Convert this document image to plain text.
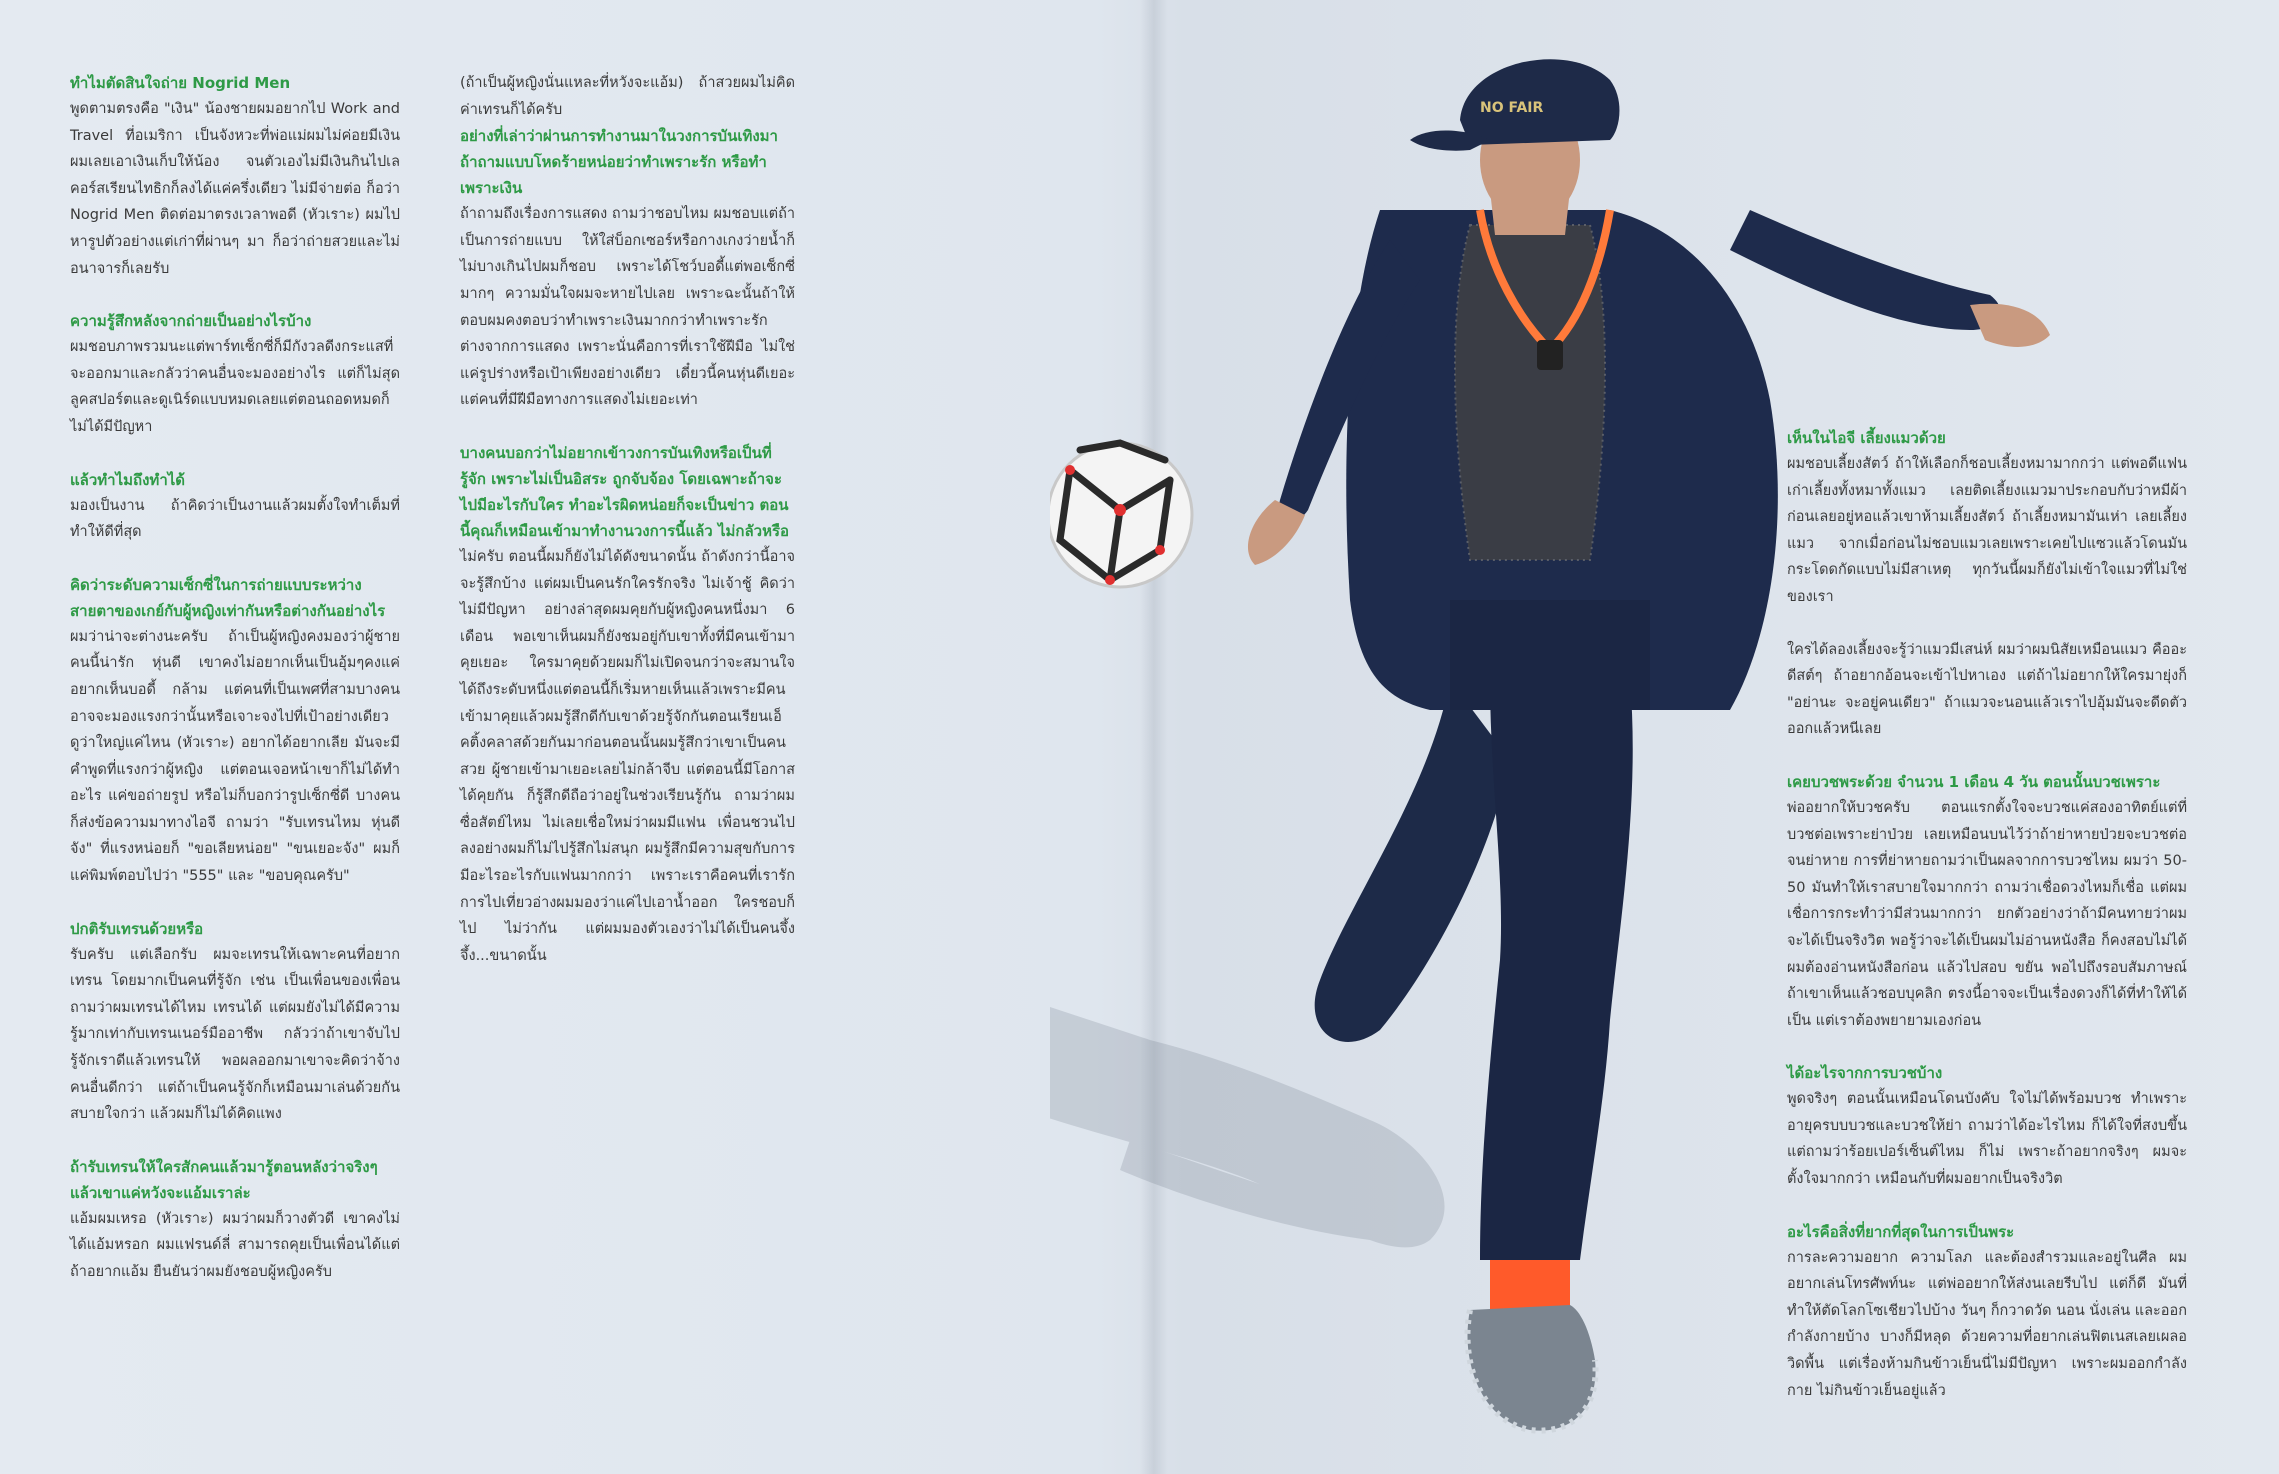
NO FAIR

ทำไมตัดสินใจถ่าย Nogrid Men

พูดตามตรงคือ "เงิน" น้องชายผมอยากไป Work and Travel ที่อเมริกา เป็นจังหวะที่พ่อแม่ผมไม่ค่อยมีเงิน ผมเลยเอาเงินเก็บให้น้อง จนตัวเองไม่มีเงินกินไปเลคอร์สเรียนไทธิกก็ลงได้แค่ครึ่งเดียว ไม่มีจ่ายต่อ ก็อว่า Nogrid Men ติดต่อมาตรงเวลาพอดี (หัวเราะ) ผมไปหารูปตัวอย่างแต่เก่าที่ผ่านๆ มา ก็อว่าถ่ายสวยและไม่อนาจารก็เลยรับ

ความรู้สึกหลังจากถ่ายเป็นอย่างไรบ้าง

ผมชอบภาพรวมนะแต่พาร์ทเซ็กซี่ก็มีกังวลดีงกระแสที่จะออกมาและกลัวว่าคนอื่นจะมองอย่างไร แต่ก็ไม่สุด ลูคสปอร์ตและดูเนิร์ดแบบหมดเลยแต่ตอนถอดหมดก็ไม่ได้มีปัญหา

แล้วทำไมถึงทำได้

มองเป็นงาน ถ้าคิดว่าเป็นงานแล้วผมตั้งใจทำเต็มที่ทำให้ดีที่สุด

คิดว่าระดับความเซ็กซี่ในการถ่ายแบบระหว่างสายตาของเกย์กับผู้หญิงเท่ากันหรือต่างกันอย่างไร

ผมว่าน่าจะต่างนะครับ ถ้าเป็นผู้หญิงคงมองว่าผู้ชายคนนี้น่ารัก หุ่นดี เขาคงไม่อยากเห็นเป็นอุ้มๆคงแค่อยากเห็นบอดี้ กล้าม แต่คนที่เป็นเพศที่สามบางคนอาจจะมองแรงกว่านั้นหรือเจาะจงไปที่เป้าอย่างเดียว ดูว่าใหญ่แค่ไหน (หัวเราะ) อยากได้อยากเลีย มันจะมีคำพูดที่แรงกว่าผู้หญิง แต่ตอนเจอหน้าเขาก็ไม่ได้ทำอะไร แค่ขอถ่ายรูป หรือไม่ก็บอกว่ารูปเซ็กซี่ดี บางคนก็ส่งข้อความมาทางไอจี ถามว่า "รับเทรนไหม หุ่นดีจัง" ที่แรงหน่อยก็ "ขอเลียหน่อย" "ขนเยอะจัง" ผมก็แค่พิมพ์ตอบไปว่า "555" และ "ขอบคุณครับ"

ปกติรับเทรนด้วยหรือ

รับครับ แต่เลือกรับ ผมจะเทรนให้เฉพาะคนที่อยากเทรน โดยมากเป็นคนที่รู้จัก เช่น เป็นเพื่อนของเพื่อน ถามว่าผมเทรนได้ไหม เทรนได้ แต่ผมยังไม่ได้มีความรู้มากเท่ากับเทรนเนอร์มืออาชีพ กลัวว่าถ้าเขาจับไปรู้จักเราดีแล้วเทรนให้ พอผลออกมาเขาจะคิดว่าจ้างคนอื่นดีกว่า แต่ถ้าเป็นคนรู้จักก็เหมือนมาเล่นด้วยกัน สบายใจกว่า แล้วผมก็ไม่ได้คิดแพง

ถ้ารับเทรนให้ใครสักคนแล้วมารู้ตอนหลังว่าจริงๆ แล้วเขาแค่หวังจะแอ้มเราล่ะ

แอ้มผมเหรอ (หัวเราะ) ผมว่าผมก็วางตัวดี เขาคงไม่ได้แอ้มหรอก ผมแฟรนด์ลี่ สามารถคุยเป็นเพื่อนได้แต่ถ้าอยากแอ้ม ยืนยันว่าผมยังชอบผู้หญิงครับ

(ถ้าเป็นผู้หญิงนั่นแหละที่หวังจะแอ้ม) ถ้าสวยผมไม่คิดค่าเทรนก็ได้ครับ

อย่างที่เล่าว่าผ่านการทำงานมาในวงการบันเทิงมา ถ้าถามแบบโหดร้ายหน่อยว่าทำเพราะรัก หรือทำเพราะเงิน

ถ้าถามถึงเรื่องการแสดง ถามว่าชอบไหม ผมชอบแต่ถ้าเป็นการถ่ายแบบ ให้ใส่บ็อกเซอร์หรือกางเกงว่ายน้ำก็ไม่บางเกินไปผมก็ชอบ เพราะได้โชว์บอดี้แต่พอเซ็กซี่มากๆ ความมั่นใจผมจะหายไปเลย เพราะฉะนั้นถ้าให้ตอบผมคงตอบว่าทำเพราะเงินมากกว่าทำเพราะรัก ต่างจากการแสดง เพราะนั่นคือการที่เราใช้ฝีมือ ไม่ใช่แค่รูปร่างหรือเป้าเพียงอย่างเดียว เดี๋ยวนี้คนหุ่นดีเยอะ แต่คนที่มีฝีมือทางการแสดงไม่เยอะเท่า

บางคนบอกว่าไม่อยากเข้าวงการบันเทิงหรือเป็นที่รู้จัก เพราะไม่เป็นอิสระ ถูกจับจ้อง โดยเฉพาะถ้าจะไปมีอะไรกับใคร ทำอะไรผิดหน่อยก็จะเป็นข่าว ตอนนี้คุณก็เหมือนเข้ามาทำงานวงการนี้แล้ว ไม่กลัวหรือ

ไม่ครับ ตอนนี้ผมก็ยังไม่ได้ดังขนาดนั้น ถ้าดังกว่านี้อาจจะรู้สึกบ้าง แต่ผมเป็นคนรักใครรักจริง ไม่เจ้าชู้ คิดว่าไม่มีปัญหา อย่างล่าสุดผมคุยกับผู้หญิงคนหนึ่งมา 6 เดือน พอเขาเห็นผมก็ยังชมอยู่กับเขาทั้งที่มีคนเข้ามาคุยเยอะ ใครมาคุยด้วยผมก็ไม่เปิดจนกว่าจะสมานใจได้ถึงระดับหนึ่งแต่ตอนนี้ก็เริ่มหายเห็นแล้วเพราะมีคนเข้ามาคุยแล้วผมรู้สึกดีกับเขาด้วยรู้จักกันตอนเรียนเอ็คติ้งคลาสด้วยกันมาก่อนตอนนั้นผมรู้สึกว่าเขาเป็นคนสวย ผู้ชายเข้ามาเยอะเลยไม่กล้าจีบ แต่ตอนนี้มีโอกาสได้คุยกัน ก็รู้สึกดีถือว่าอยู่ในช่วงเรียนรู้กัน ถามว่าผมซื่อสัตย์ไหม ไม่เลยเชื่อใหม่ว่าผมมีแฟน เพื่อนชวนไปลงอย่างผมก็ไม่ไปรู้สึกไม่สนุก ผมรู้สึกมีความสุขกับการมีอะไรอะไรกับแฟนมากกว่า เพราะเราคือคนที่เรารัก การไปเที่ยวอ่างผมมองว่าแค่ไปเอาน้ำออก ใครชอบก็ไป ไม่ว่ากัน แต่ผมมองตัวเองว่าไม่ได้เป็นคนจึ้งจึ้ง...ขนาดนั้น

เห็นในไอจี เลี้ยงแมวด้วย

ผมชอบเลี้ยงสัตว์ ถ้าให้เลือกก็ชอบเลี้ยงหมามากกว่า แต่พอดีแฟนเก่าเลี้ยงทั้งหมาทั้งแมว เลยติดเลี้ยงแมวมาประกอบกับว่าหมีผ้าก่อนเลยอยู่หอแล้วเขาห้ามเลี้ยงสัตว์ ถ้าเลี้ยงหมามันเห่า เลยเลี้ยงแมว จากเมื่อก่อนไม่ชอบแมวเลยเพราะเคยไปแซวแล้วโดนมันกระโดดกัดแบบไม่มีสาเหตุ ทุกวันนี้ผมก็ยังไม่เข้าใจแมวที่ไม่ใช่ของเรา

ใครได้ลองเลี้ยงจะรู้ว่าแมวมีเสน่ห์ ผมว่าผมนิสัยเหมือนแมว คืออะดีสต์ๆ ถ้าอยากอ้อนจะเข้าไปหาเอง แต่ถ้าไม่อยากให้ใครมายุ่งก็ "อย่านะ จะอยู่คนเดียว" ถ้าแมวจะนอนแล้วเราไปอุ้มมันจะดีดตัวออกแล้วหนีเลย

เคยบวชพระด้วย จำนวน 1 เดือน 4 วัน ตอนนั้นบวชเพราะ

พ่ออยากให้บวชครับ ตอนแรกตั้งใจจะบวชแค่สองอาทิตย์แต่ที่บวชต่อเพราะย่าป่วย เลยเหมือนบนไว้ว่าถ้าย่าหายป่วยจะบวชต่อจนย่าหาย การที่ย่าหายถามว่าเป็นผลจากการบวชไหม ผมว่า 50-50 มันทำให้เราสบายใจมากกว่า ถามว่าเชื่อดวงไหมก็เชื่อ แต่ผมเชื่อการกระทำว่ามีส่วนมากกว่า ยกตัวอย่างว่าถ้ามีคนทายว่าผมจะได้เป็นจริงวิต พอรู้ว่าจะได้เป็นผมไม่อ่านหนังสือ ก็คงสอบไม่ได้ ผมต้องอ่านหนังสือก่อน แล้วไปสอบ ขยัน พอไปถึงรอบสัมภาษณ์ถ้าเขาเห็นแล้วชอบบุคลิก ตรงนี้อาจจะเป็นเรื่องดวงก็ได้ที่ทำให้ได้เป็น แต่เราต้องพยายามเองก่อน

ได้อะไรจากการบวชบ้าง

พูดจริงๆ ตอนนั้นเหมือนโดนบังคับ ใจไม่ได้พร้อมบวช ทำเพราะอายุครบบบวชและบวชให้ย่า ถามว่าได้อะไรไหม ก็ได้ใจที่สงบขึ้น แต่ถามว่าร้อยเปอร์เซ็นต์ไหม ก็ไม่ เพราะถ้าอยากจริงๆ ผมจะตั้งใจมากกว่า เหมือนกับที่ผมอยากเป็นจริงวิต

อะไรคือสิ่งที่ยากที่สุดในการเป็นพระ

การละความอยาก ความโลภ และต้องสำรวมและอยู่ในศีล ผมอยากเล่นโทรศัพท์นะ แต่พ่ออยากให้ส่งนเลยรีบไป แต่ก็ดี มันที่ทำให้ตัดโลกโซเชียวไปบ้าง วันๆ ก็กวาดวัด นอน นั่งเล่น และออกกำลังกายบ้าง บางก็มีหลุด ด้วยความที่อยากเล่นฟิตเนสเลยเผลอวิดพื้น แต่เรื่องห้ามกินข้าวเย็นนี่ไม่มีปัญหา เพราะผมออกกำลังกาย ไม่กินข้าวเย็นอยู่แล้ว
